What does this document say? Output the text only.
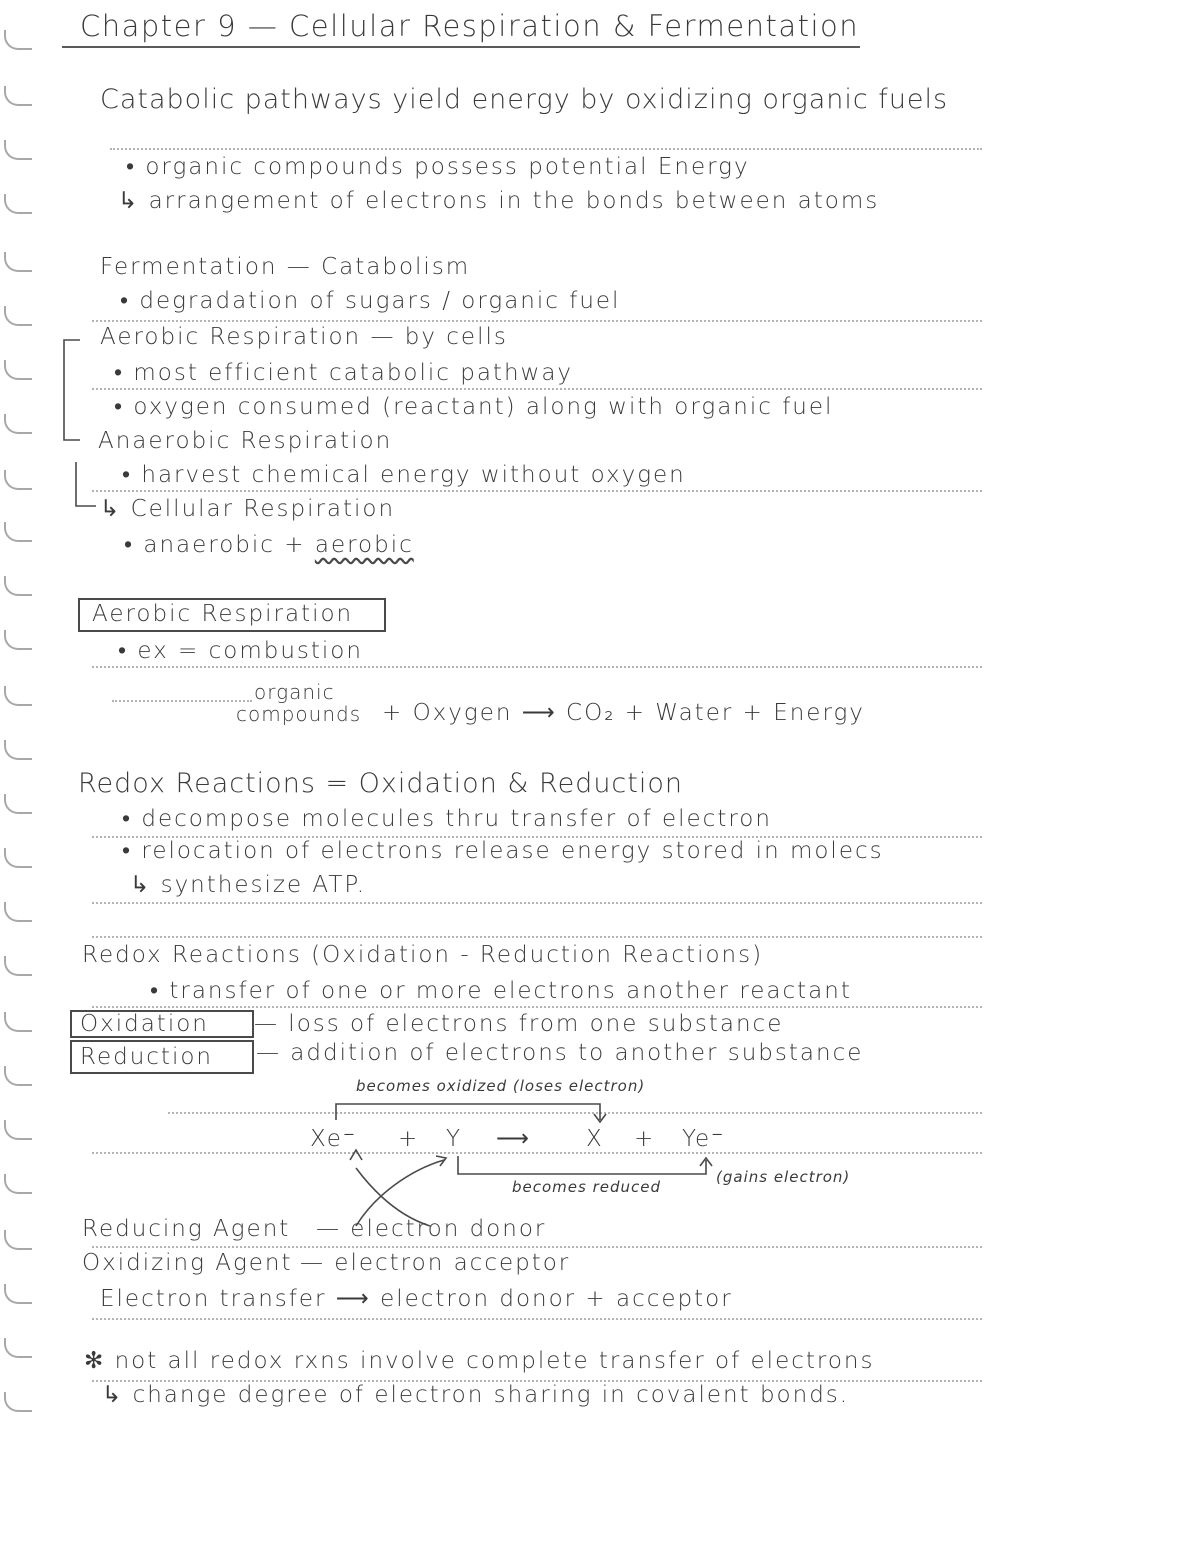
Chapter 9 — Cellular Respiration & Fermentation
Catabolic pathways yield energy by oxidizing organic fuels
• organic compounds possess potential Energy
↳ arrangement of electrons in the bonds between atoms
Fermentation — Catabolism
• degradation of sugars / organic fuel
Aerobic Respiration — by cells
• most efficient catabolic pathway
• oxygen consumed (reactant) along with organic fuel
Anaerobic Respiration
• harvest chemical energy without oxygen
↳ Cellular Respiration
• anaerobic + aerobic
Aerobic Respiration
• ex = combustion
organic
compounds + Oxygen ⟶ CO₂ + Water + Energy
Redox Reactions = Oxidation & Reduction
• decompose molecules thru transfer of electron
• relocation of electrons release energy stored in molecs
↳ synthesize ATP.
Redox Reactions (Oxidation - Reduction Reactions)
• transfer of one or more electrons another reactant
Oxidation — loss of electrons from one substance
Reduction — addition of electrons to another substance
becomes oxidized (loses electron)
Xe⁻ + Y ⟶ X + Ye⁻
becomes reduced
(gains electron)
Reducing Agent — electron donor
Oxidizing Agent — electron acceptor
Electron transfer ⟶ electron donor + acceptor
✻ not all redox rxns involve complete transfer of electrons
↳ change degree of electron sharing in covalent bonds.
